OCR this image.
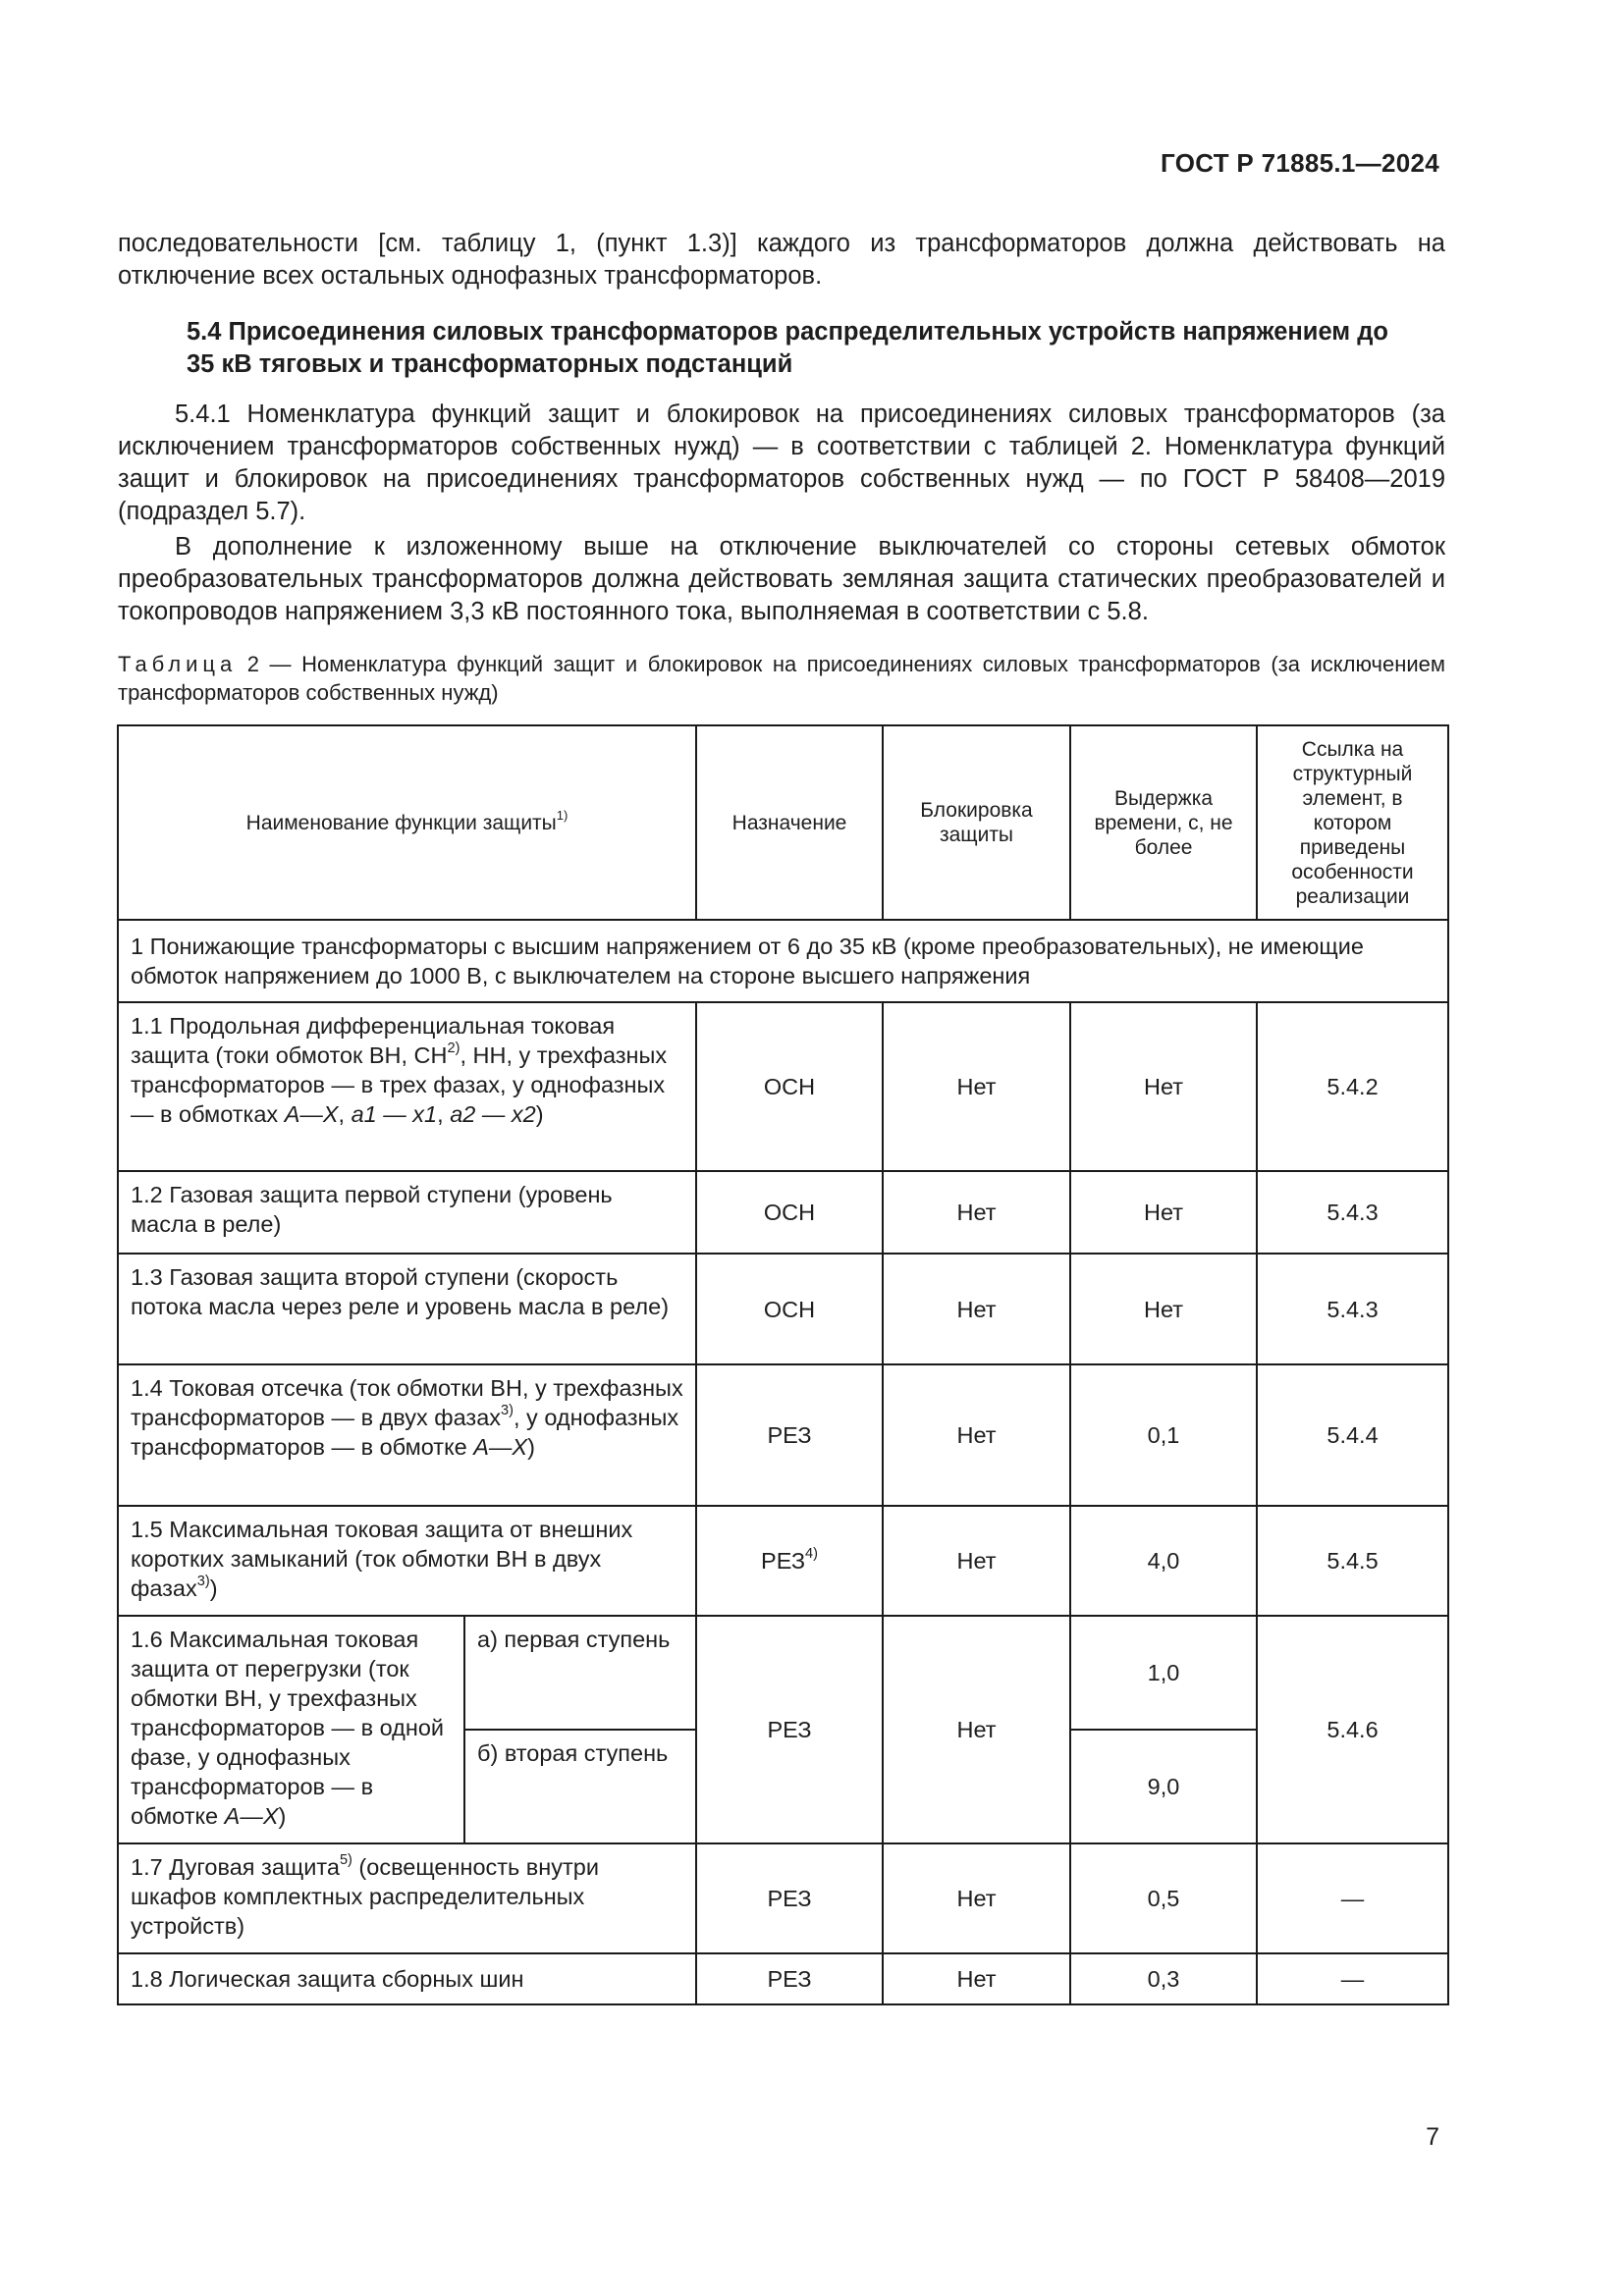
ГОСТ Р 71885.1—2024
последовательности [см. таблицу 1, (пункт 1.3)] каждого из трансформаторов должна действовать на отключение всех остальных однофазных трансформаторов.
5.4 Присоединения силовых трансформаторов распределительных устройств напряжением до 35 кВ тяговых и трансформаторных подстанций
5.4.1 Номенклатура функций защит и блокировок на присоединениях силовых трансформаторов (за исключением трансформаторов собственных нужд) — в соответствии с таблицей 2. Номенклатура функций защит и блокировок на присоединениях трансформаторов собственных нужд — по ГОСТ Р 58408—2019 (подраздел 5.7).
В дополнение к изложенному выше на отключение выключателей со стороны сетевых обмоток преобразовательных трансформаторов должна действовать земляная защита статических преобразователей и токопроводов напряжением 3,3 кВ постоянного тока, выполняемая в соответствии с 5.8.
Таблица 2 — Номенклатура функций защит и блокировок на присоединениях силовых трансформаторов (за исключением трансформаторов собственных нужд)
Наименование функции защиты$^{1)}$		Назначение	Блокировка защиты	Выдержка времени, с, не более	Ссылка на структурный элемент, в котором приведены особенности реализации
1 Понижающие трансформаторы с высшим напряжением от 6 до 35 кВ (кроме преобразовательных), не имеющие обмоток напряжением до 1000 В, с выключателем на стороне высшего напряжения					
1.1 Продольная дифференциальная токовая защита (токи обмоток ВН, СН$^{2)}$, НН, у трехфазных трансформаторов — в трех фазах, у однофазных — в обмотках А—Х, а1 — х1, а2 — х2)		ОСН	Нет	Нет	5.4.2
1.2 Газовая защита первой ступени (уровень масла в реле)		ОСН	Нет	Нет	5.4.3
1.3 Газовая защита второй ступени (скорость потока масла через реле и уровень масла в реле)		ОСН	Нет	Нет	5.4.3
1.4 Токовая отсечка (ток обмотки ВН, у трехфазных трансформаторов — в двух фазах$^{3)}$, у однофазных трансформаторов — в обмотке А—Х)		РЕЗ	Нет	0,1	5.4.4
1.5 Максимальная токовая защита от внешних коротких замыканий (ток обмотки ВН в двух фазах$^{3)}$)		РЕЗ$^{4)}$	Нет	4,0	5.4.5
1.6 Максимальная токовая защита от перегрузки (ток обмотки ВН, у трехфазных трансформаторов — в одной фазе, у однофазных трансформаторов — в обмотке А—Х)	а) первая ступень	РЕЗ	Нет	1,0	5.4.6
	б) вторая ступень			9,0	
1.7 Дуговая защита$^{5)}$ (освещенность внутри шкафов комплектных распределительных устройств)		РЕЗ	Нет	0,5	—
1.8 Логическая защита сборных шин		РЕЗ	Нет	0,3	—
7
